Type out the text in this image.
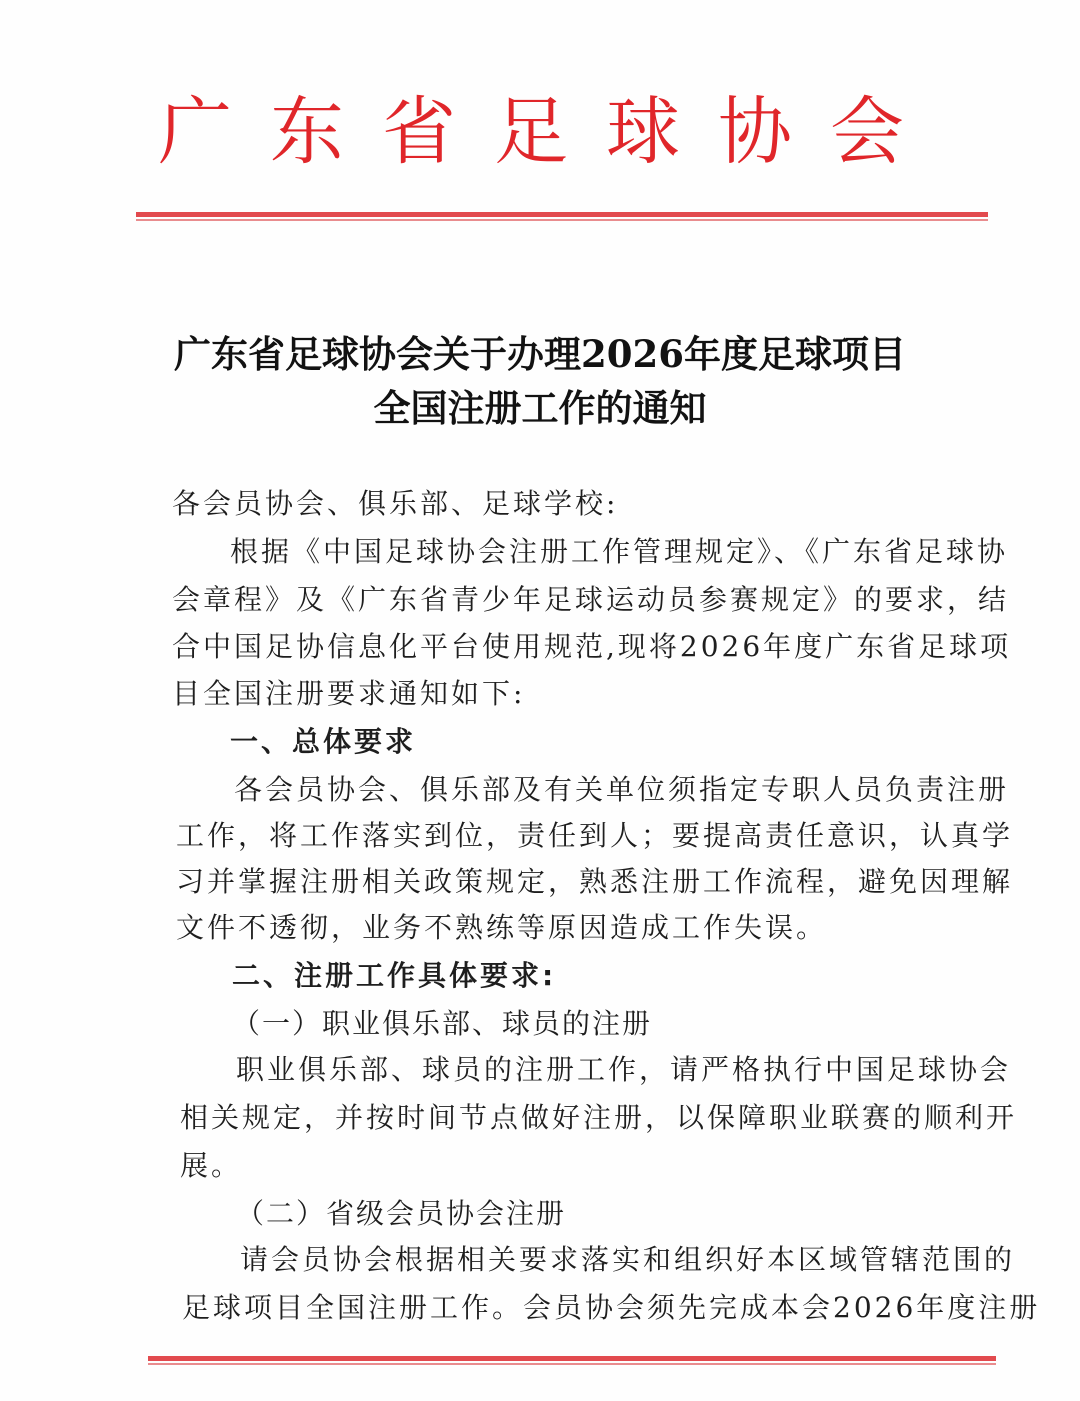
广东省足球协会
广东省足球协会关于办理2026年度足球项目
全国注册工作的通知
各会员协会、俱乐部、足球学校:
根据《中国足球协会注册工作管理规定》、《广东省足球协
会章程》及《广东省青少年足球运动员参赛规定》的要求，结
合中国足协信息化平台使用规范,现将2026年度广东省足球项
目全国注册要求通知如下:
一、总体要求
各会员协会、俱乐部及有关单位须指定专职人员负责注册
工作，将工作落实到位，责任到人；要提高责任意识，认真学
习并掌握注册相关政策规定，熟悉注册工作流程，避免因理解
文件不透彻，业务不熟练等原因造成工作失误。
二、注册工作具体要求:
（一）职业俱乐部、球员的注册
职业俱乐部、球员的注册工作，请严格执行中国足球协会
相关规定，并按时间节点做好注册，以保障职业联赛的顺利开
展。
（二）省级会员协会注册
请会员协会根据相关要求落实和组织好本区域管辖范围的
足球项目全国注册工作。会员协会须先完成本会2026年度注册
